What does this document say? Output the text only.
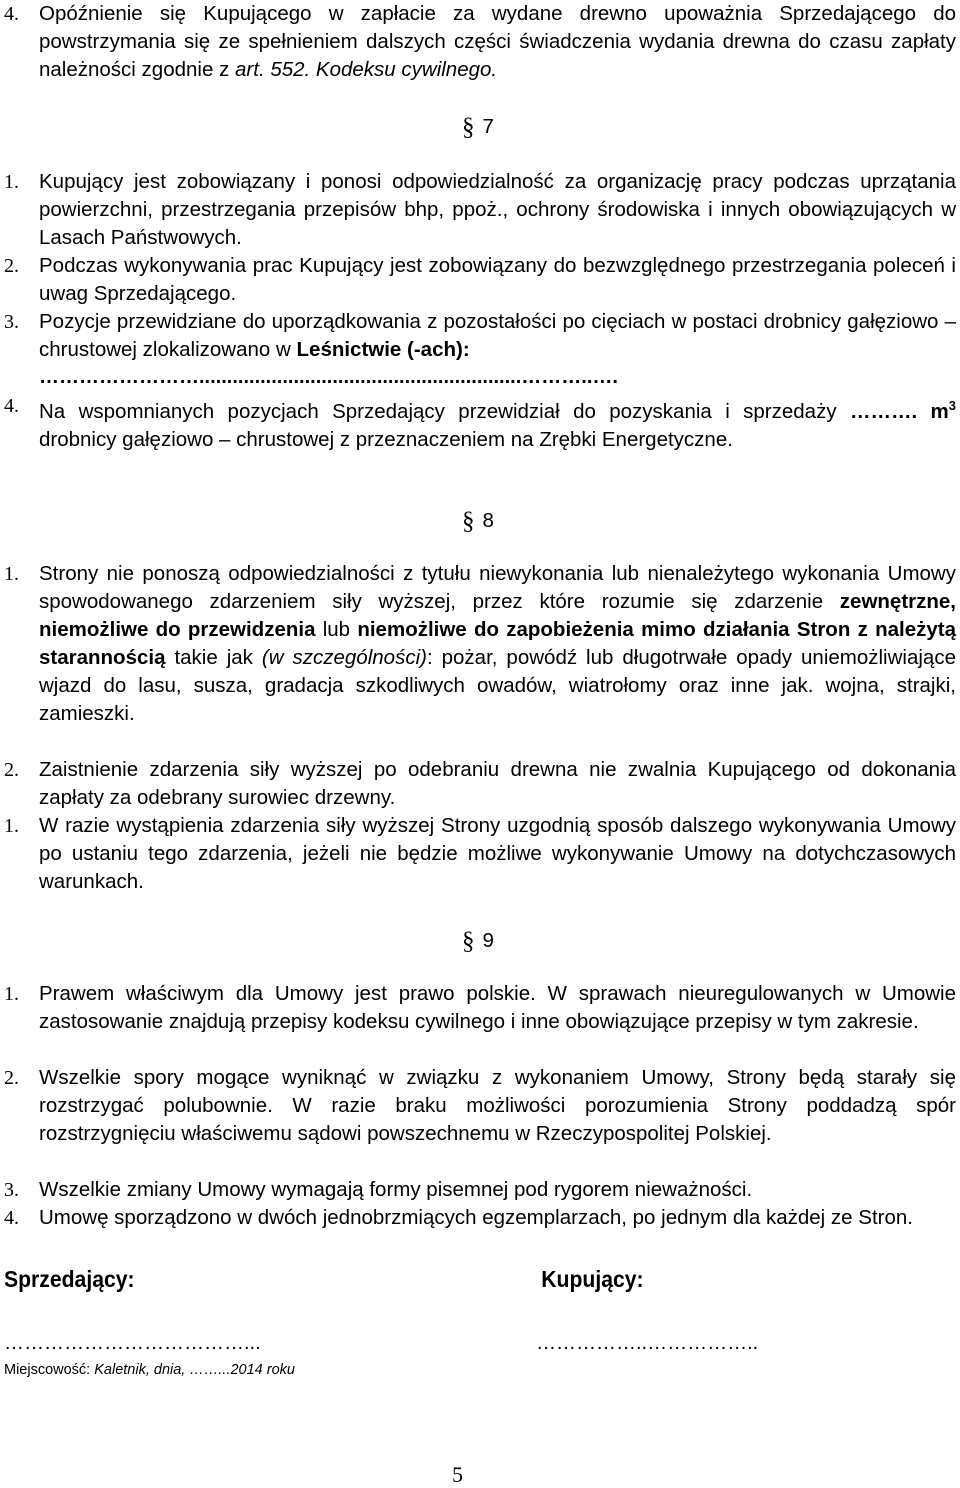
4. Opóźnienie się Kupującego w zapłacie za wydane drewno upoważnia Sprzedającego do powstrzymania się ze spełnieniem dalszych części świadczenia wydania drewna do czasu zapłaty należności zgodnie z art. 552. Kodeksu cywilnego.
§ 7
1. Kupujący jest zobowiązany i ponosi odpowiedzialność za organizację pracy podczas uprzątania powierzchni, przestrzegania przepisów bhp, ppoż., ochrony środowiska i innych obowiązujących w Lasach Państwowych.
2. Podczas wykonywania prac Kupujący jest zobowiązany do bezwzględnego przestrzegania poleceń i uwag Sprzedającego.
3. Pozycje przewidziane do uporządkowania z pozostałości po cięciach w postaci drobnicy gałęziowo – chrustowej zlokalizowano w Leśnictwie (-ach):
……………………..........................................................………..….
4. Na wspomnianych pozycjach Sprzedający przewidział do pozyskania i sprzedaży ………. $m^3$ drobnicy gałęziowo – chrustowej z przeznaczeniem na Zrębki Energetyczne.
§ 8
1. Strony nie ponoszą odpowiedzialności z tytułu niewykonania lub nienależytego wykonania Umowy spowodowanego zdarzeniem siły wyższej, przez które rozumie się zdarzenie zewnętrzne, niemożliwe do przewidzenia lub niemożliwe do zapobieżenia mimo działania Stron z należytą starannością takie jak (w szczególności): pożar, powódź lub długotrwałe opady uniemożliwiające wjazd do lasu, susza, gradacja szkodliwych owadów, wiatrołomy oraz inne jak. wojna, strajki, zamieszki.
2. Zaistnienie zdarzenia siły wyższej po odebraniu drewna nie zwalnia Kupującego od dokonania zapłaty za odebrany surowiec drzewny.
1. W razie wystąpienia zdarzenia siły wyższej Strony uzgodnią sposób dalszego wykonywania Umowy po ustaniu tego zdarzenia, jeżeli nie będzie możliwe wykonywanie Umowy na dotychczasowych warunkach.
§ 9
1. Prawem właściwym dla Umowy jest prawo polskie. W sprawach nieuregulowanych w Umowie zastosowanie znajdują przepisy kodeksu cywilnego i inne obowiązujące przepisy w tym zakresie.
2. Wszelkie spory mogące wyniknąć w związku z wykonaniem Umowy, Strony będą starały się rozstrzygać polubownie. W razie braku możliwości porozumienia Strony poddadzą spór rozstrzygnięciu właściwemu sądowi powszechnemu w Rzeczypospolitej Polskiej.
3. Wszelkie zmiany Umowy wymagają formy pisemnej pod rygorem nieważności.
4. Umowę sporządzono w dwóch jednobrzmiących egzemplarzach, po jednym dla każdej ze Stron.
Sprzedający:	Kupujący:
………………………………...	……………..……………..
Miejscowość: Kaletnik, dnia, ……...2014 roku
5
